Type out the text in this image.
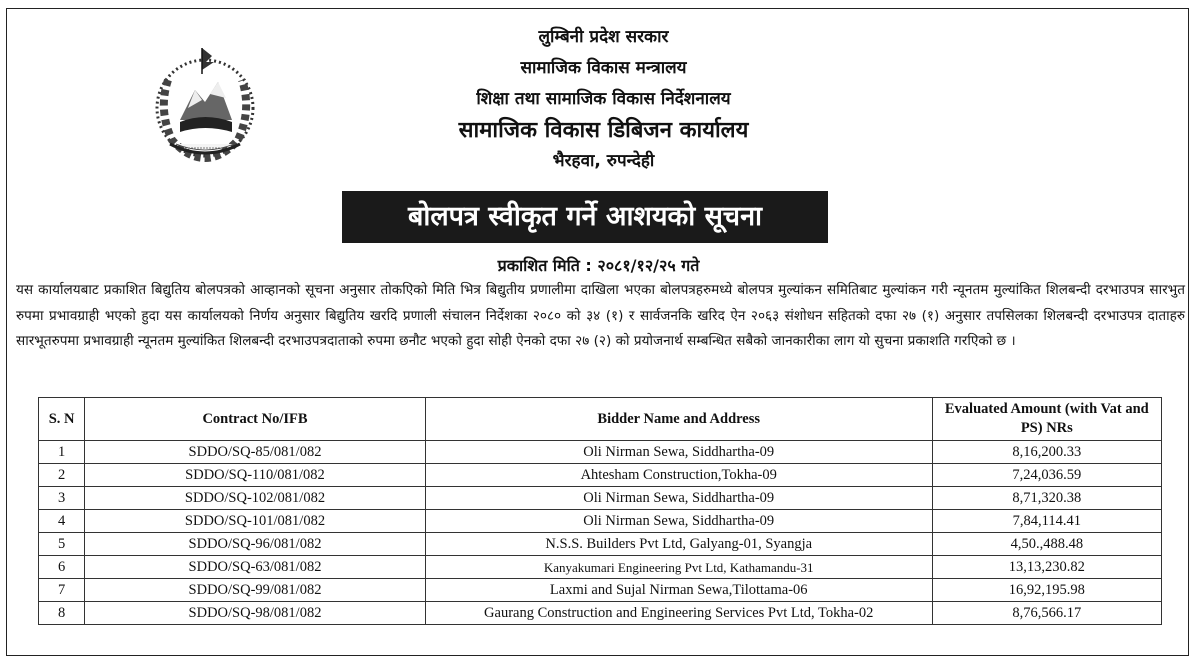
लुम्बिनी प्रदेश सरकार
सामाजिक विकास मन्त्रालय
शिक्षा तथा सामाजिक विकास निर्देशनालय
सामाजिक विकास डिबिजन कार्यालय
भैरहवा, रुपन्देही
बोलपत्र स्वीकृत गर्ने आशयको सूचना
प्रकाशित मिति : २०८१/१२/२५ गते
यस कार्यालयबाट प्रकाशित बिद्युतिय बोलपत्रको आव्हानको सूचना अनुसार तोकएिको मिति भित्र बिद्युतीय प्रणालीमा दाखिला भएका बोलपत्रहरुमध्ये बोलपत्र मुल्यांकन समितिबाट मुल्यांकन गरी न्यूनतम मुल्यांकित शिलबन्दी दरभाउपत्र सारभुत रुपमा प्रभावग्राही भएको हुदा यस कार्यालयको निर्णय अनुसार बिद्युतिय खरदि प्रणाली संचालन निर्देशका २०८० को ३४ (१) र सार्वजनकि खरिद ऐन २०६३ संशोधन सहितको दफा २७ (१) अनुसार तपसिलका शिलबन्दी दरभाउपत्र दाताहरु सारभूतरुपमा प्रभावग्राही न्यूनतम मुल्यांकित शिलबन्दी दरभाउपत्रदाताको रुपमा छनौट भएको हुदा सोही ऐनको दफा २७ (२) को प्रयोजनार्थ सम्बन्धित सबैको जानकारीका लाग यो सुचना प्रकाशति गरएिको छ ।
S. N	Contract No/IFB	Bidder Name and Address	Evaluated Amount (with Vat and PS) NRs
1	SDDO/SQ-85/081/082	Oli Nirman Sewa, Siddhartha-09	8,16,200.33
2	SDDO/SQ-110/081/082	Ahtesham Construction,Tokha-09	7,24,036.59
3	SDDO/SQ-102/081/082	Oli Nirman Sewa, Siddhartha-09	8,71,320.38
4	SDDO/SQ-101/081/082	Oli Nirman Sewa, Siddhartha-09	7,84,114.41
5	SDDO/SQ-96/081/082	N.S.S. Builders Pvt Ltd, Galyang-01, Syangja	4,50.,488.48
6	SDDO/SQ-63/081/082	Kanyakumari Engineering Pvt Ltd, Kathamandu-31	13,13,230.82
7	SDDO/SQ-99/081/082	Laxmi and Sujal Nirman Sewa,Tilottama-06	16,92,195.98
8	SDDO/SQ-98/081/082	Gaurang Construction and Engineering Services Pvt Ltd, Tokha-02	8,76,566.17
